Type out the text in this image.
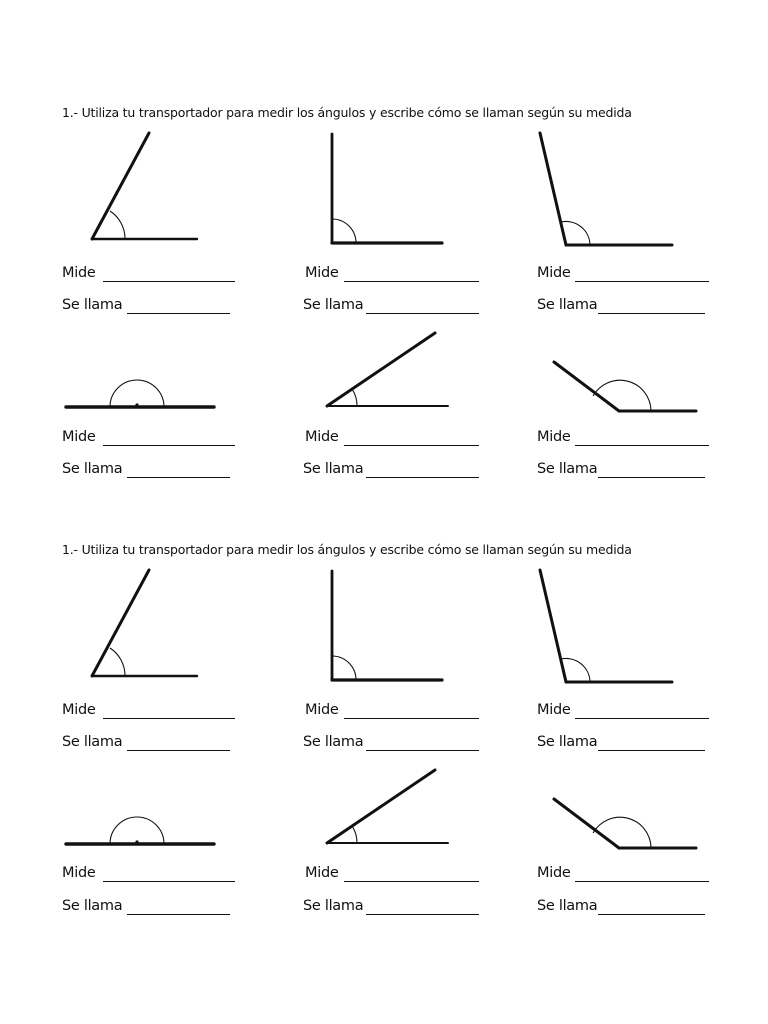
1.- Utiliza tu transportador para medir los ángulos y escribe cómo se llaman según su medida
Mide
Se llama
Mide
Se llama
Mide
Se llama
Mide
Se llama
Mide
Se llama
Mide
Se llama
1.- Utiliza tu transportador para medir los ángulos y escribe cómo se llaman según su medida
Mide
Se llama
Mide
Se llama
Mide
Se llama
Mide
Se llama
Mide
Se llama
Mide
Se llama
